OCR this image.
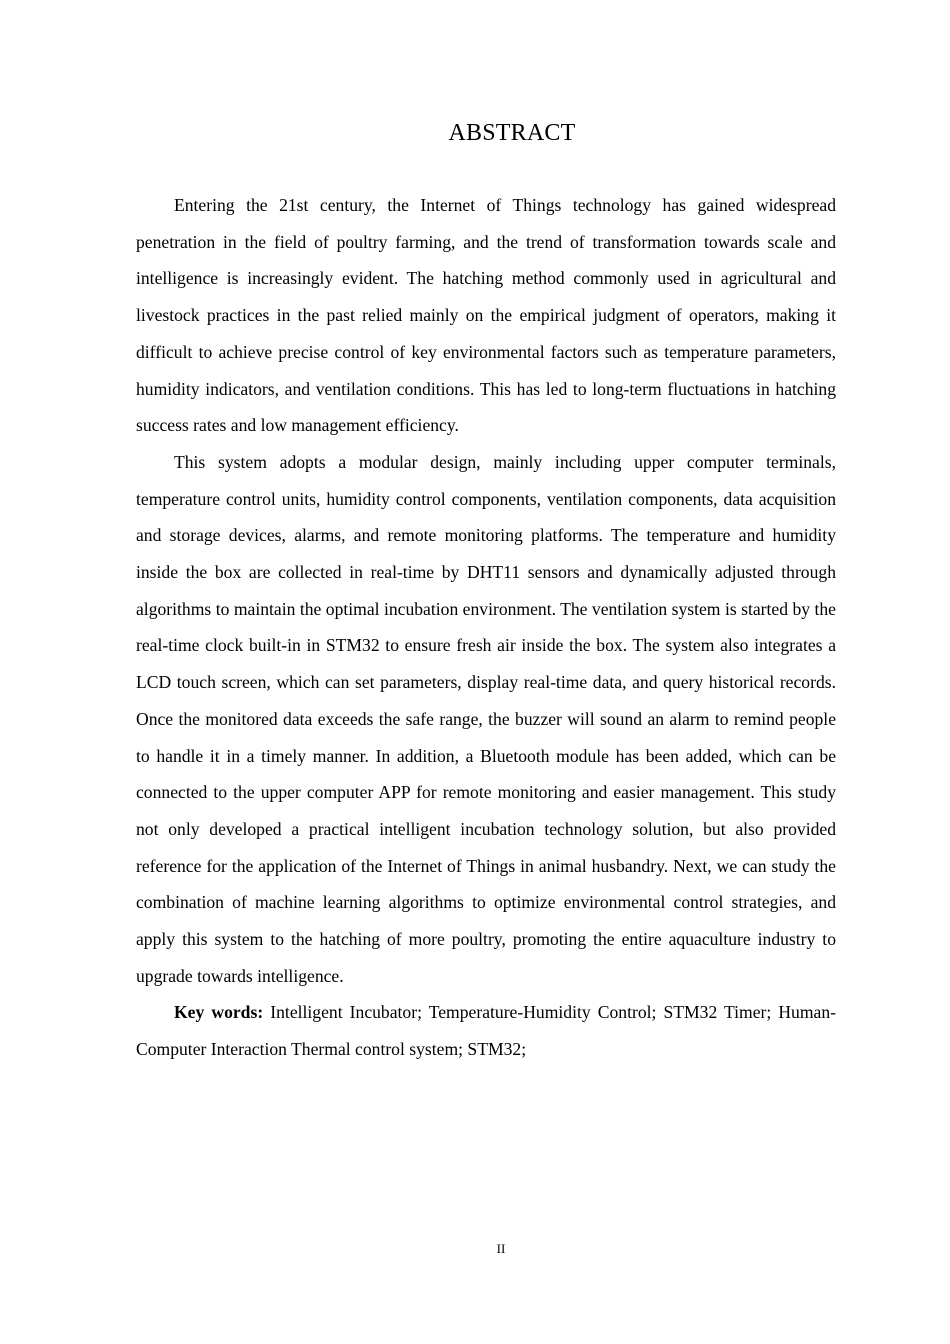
ABSTRACT

Entering the 21st century, the Internet of Things technology has gained widespread penetration in the field of poultry farming, and the trend of transformation towards scale and intelligence is increasingly evident. The hatching method commonly used in agricultural and livestock practices in the past relied mainly on the empirical judgment of operators, making it difficult to achieve precise control of key environmental factors such as temperature parameters, humidity indicators, and ventilation conditions. This has led to long-term fluctuations in hatching success rates and low management efficiency.

This system adopts a modular design, mainly including upper computer terminals, temperature control units, humidity control components, ventilation components, data acquisition and storage devices, alarms, and remote monitoring platforms. The temperature and humidity inside the box are collected in real-time by DHT11 sensors and dynamically adjusted through algorithms to maintain the optimal incubation environment. The ventilation system is started by the real-time clock built-in in STM32 to ensure fresh air inside the box. The system also integrates a LCD touch screen, which can set parameters, display real-time data, and query historical records. Once the monitored data exceeds the safe range, the buzzer will sound an alarm to remind people to handle it in a timely manner. In addition, a Bluetooth module has been added, which can be connected to the upper computer APP for remote monitoring and easier management. This study not only developed a practical intelligent incubation technology solution, but also provided reference for the application of the Internet of Things in animal husbandry. Next, we can study the combination of machine learning algorithms to optimize environmental control strategies, and apply this system to the hatching of more poultry, promoting the entire aquaculture industry to upgrade towards intelligence.

Key words: Intelligent Incubator; Temperature-Humidity Control; STM32 Timer; Human-Computer Interaction Thermal control system; STM32;

II
